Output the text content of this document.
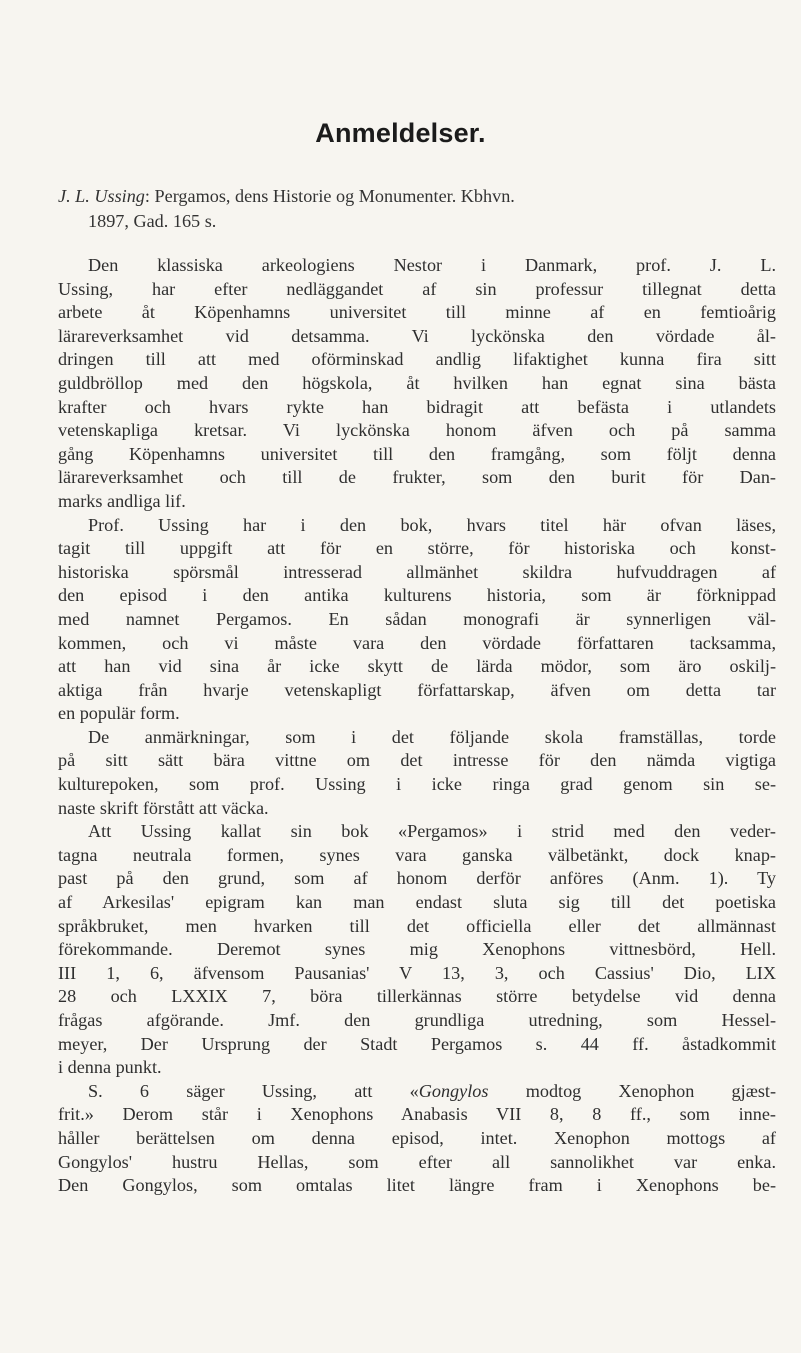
Anmeldelser.
J. L. Ussing: Pergamos, dens Historie og Monumenter. Kbhvn.
1897, Gad. 165 s.
Den klassiska arkeologiens Nestor i Danmark, prof. J. L.
Ussing, har efter nedläggandet af sin professur tillegnat detta
arbete åt Köpenhamns universitet till minne af en femtioårig
lärareverksamhet vid detsamma. Vi lyckönska den vördade ål-
dringen till att med oförminskad andlig lifaktighet kunna fira sitt
guldbröllop med den högskola, åt hvilken han egnat sina bästa
krafter och hvars rykte han bidragit att befästa i utlandets
vetenskapliga kretsar. Vi lyckönska honom äfven och på samma
gång Köpenhamns universitet till den framgång, som följt denna
lärareverksamhet och till de frukter, som den burit för Dan-
marks andliga lif.
Prof. Ussing har i den bok, hvars titel här ofvan läses,
tagit till uppgift att för en större, för historiska och konst-
historiska spörsmål intresserad allmänhet skildra hufvuddragen af
den episod i den antika kulturens historia, som är förknippad
med namnet Pergamos. En sådan monografi är synnerligen väl-
kommen, och vi måste vara den vördade författaren tacksamma,
att han vid sina år icke skytt de lärda mödor, som äro oskilj-
aktiga från hvarje vetenskapligt författarskap, äfven om detta tar
en populär form.
De anmärkningar, som i det följande skola framställas, torde
på sitt sätt bära vittne om det intresse för den nämda vigtiga
kulturepoken, som prof. Ussing i icke ringa grad genom sin se-
naste skrift förstått att väcka.
Att Ussing kallat sin bok «Pergamos» i strid med den veder-
tagna neutrala formen, synes vara ganska välbetänkt, dock knap-
past på den grund, som af honom derför anföres (Anm. 1). Ty
af Arkesilas' epigram kan man endast sluta sig till det poetiska
språkbruket, men hvarken till det officiella eller det allmännast
förekommande. Deremot synes mig Xenophons vittnesbörd, Hell.
III 1, 6, äfvensom Pausanias' V 13, 3, och Cassius' Dio, LIX
28 och LXXIX 7, böra tillerkännas större betydelse vid denna
frågas afgörande. Jmf. den grundliga utredning, som Hessel-
meyer, Der Ursprung der Stadt Pergamos s. 44 ff. åstadkommit
i denna punkt.
S. 6 säger Ussing, att «Gongylos modtog Xenophon gjæst-
frit.» Derom står i Xenophons Anabasis VII 8, 8 ff., som inne-
håller berättelsen om denna episod, intet. Xenophon mottogs af
Gongylos' hustru Hellas, som efter all sannolikhet var enka.
Den Gongylos, som omtalas litet längre fram i Xenophons be-
